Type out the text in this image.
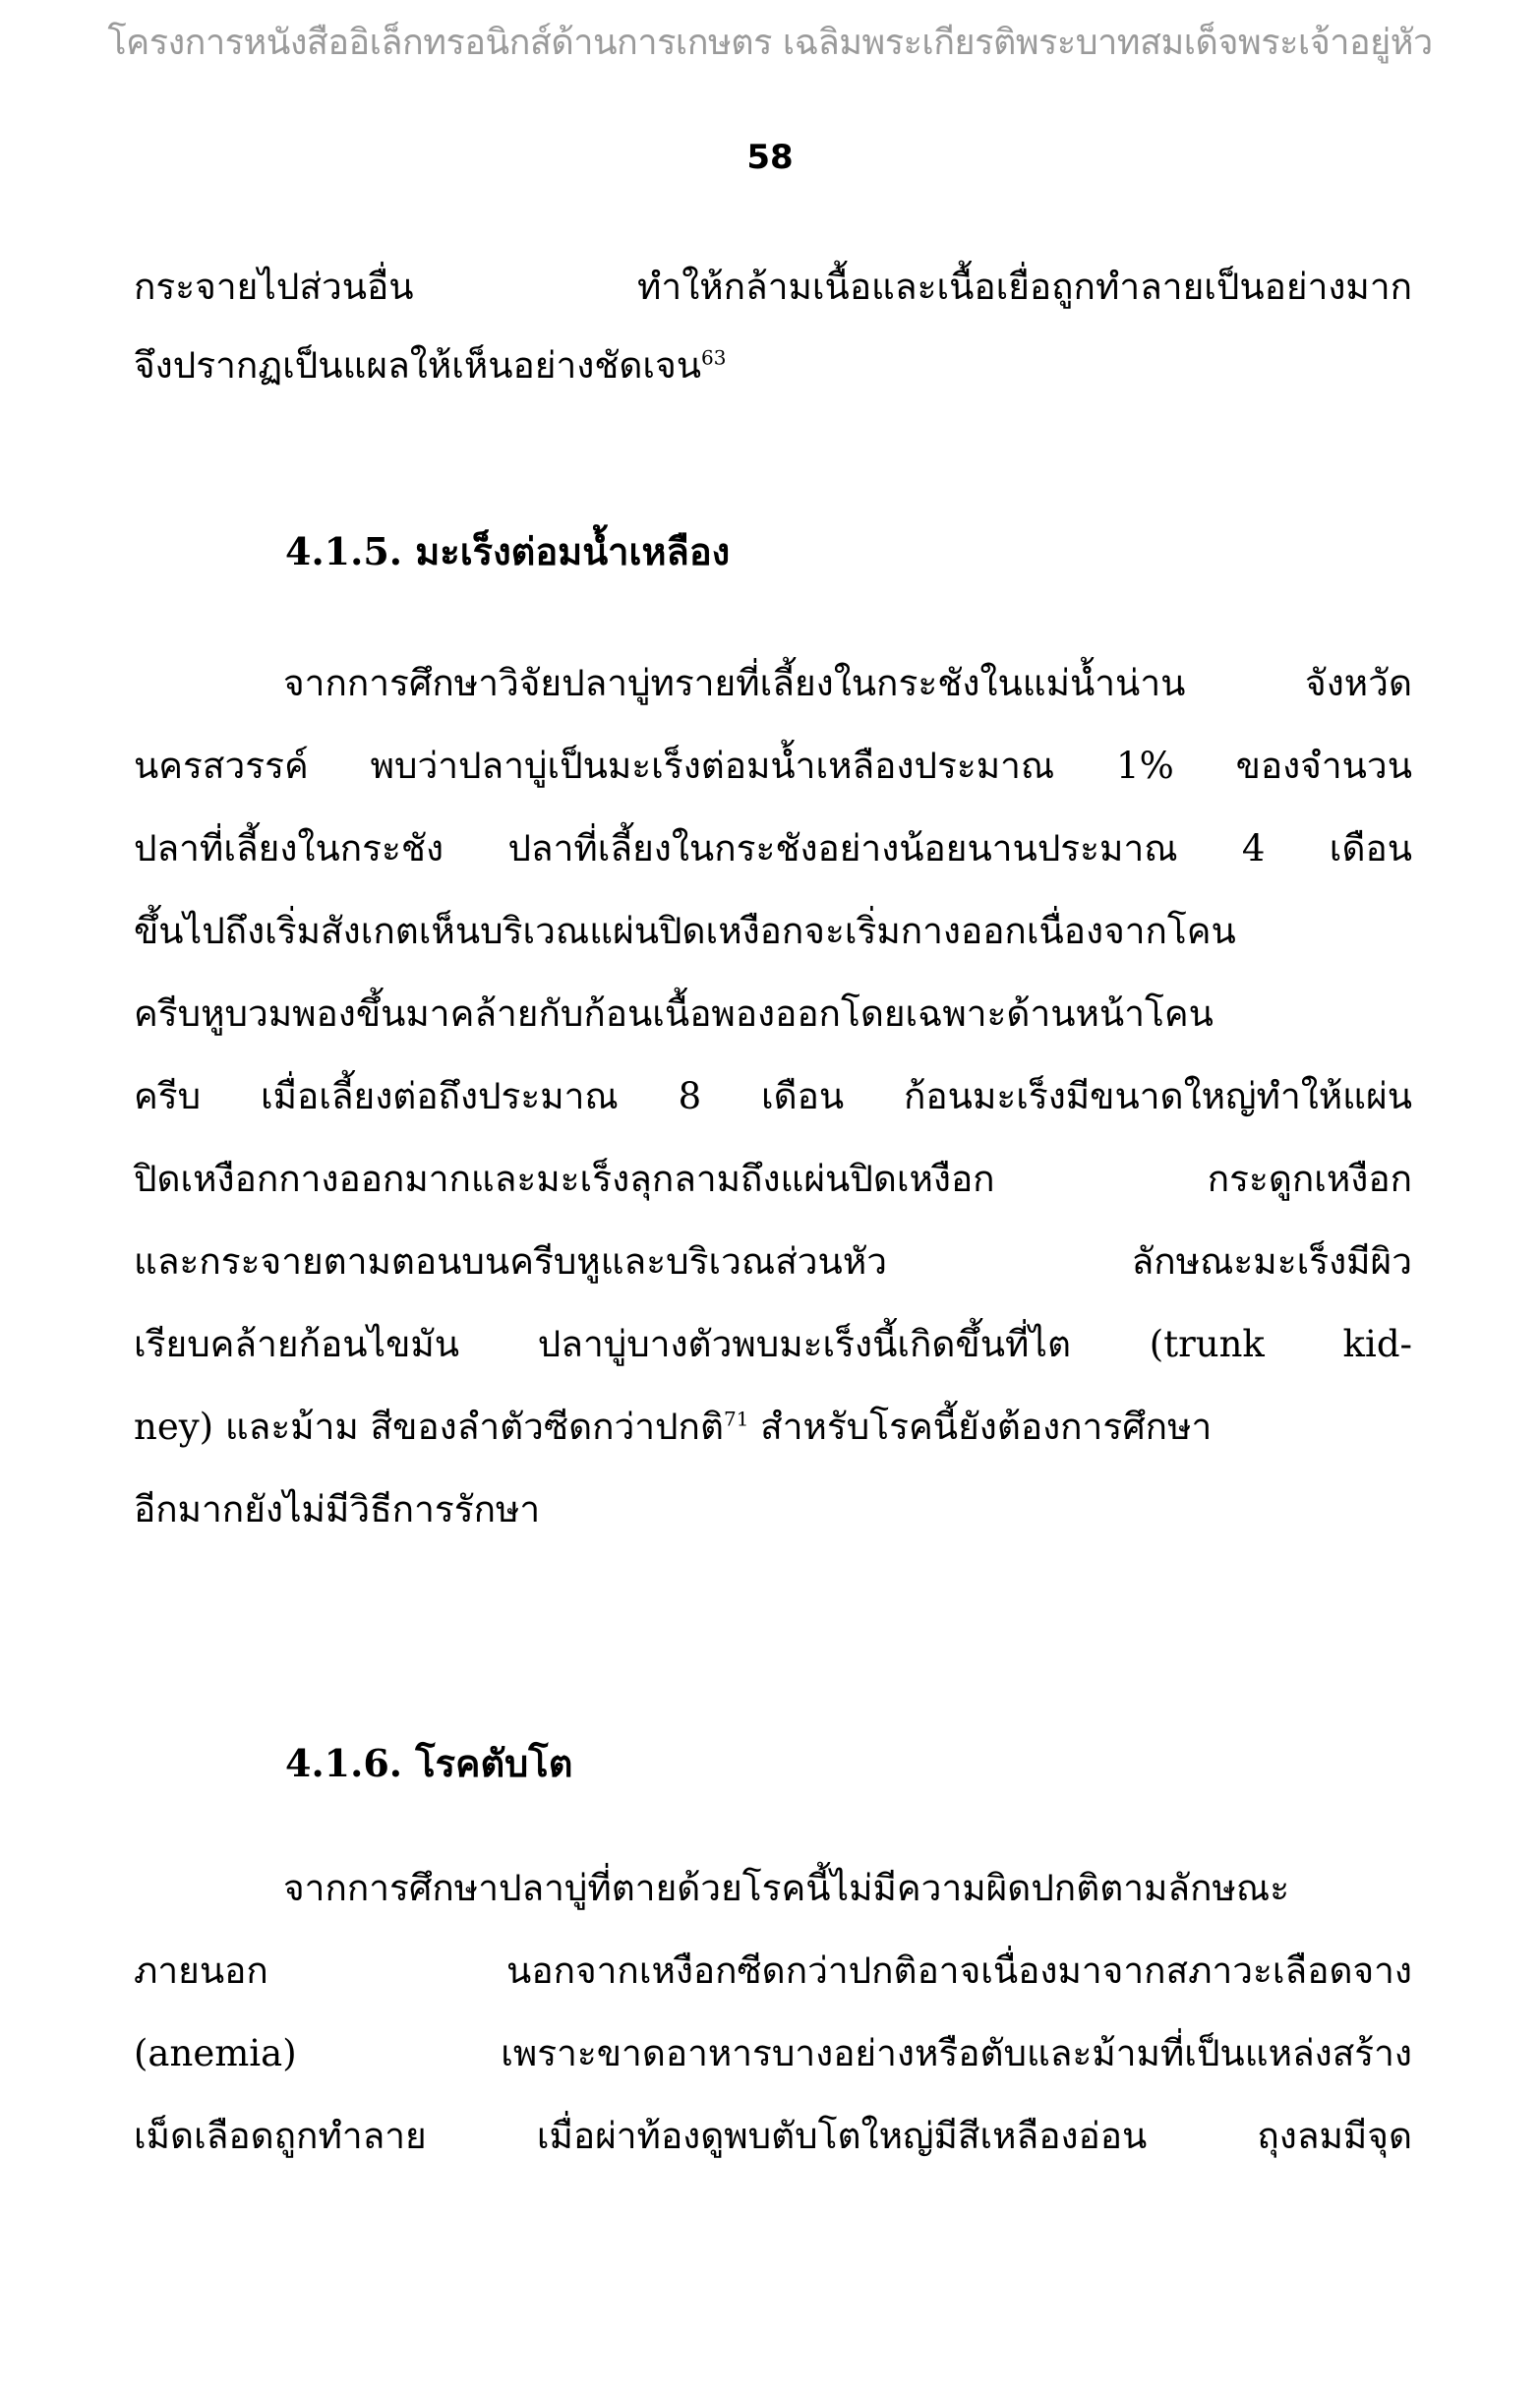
โครงการหนังสืออิเล็กทรอนิกส์ด้านการเกษตร เฉลิมพระเกียรติพระบาทสมเด็จพระเจ้าอยู่หัว
58
กระจายไปส่วนอื่น ทำให้กล้ามเนื้อและเนื้อเยื่อถูกทำลายเป็นอย่างมาก
จึงปรากฏเป็นแผลให้เห็นอย่างชัดเจน$^{63}$
4.1.5. มะเร็งต่อมน้ำเหลือง
จากการศึกษาวิจัยปลาบู่ทรายที่เลี้ยงในกระชังในแม่น้ำน่าน จังหวัด
นครสวรรค์ พบว่าปลาบู่เป็นมะเร็งต่อมน้ำเหลืองประมาณ 1% ของจำนวน
ปลาที่เลี้ยงในกระชัง ปลาที่เลี้ยงในกระชังอย่างน้อยนานประมาณ 4 เดือน
ขึ้นไปถึงเริ่มสังเกตเห็นบริเวณแผ่นปิดเหงือกจะเริ่มกางออกเนื่องจากโคน
ครีบหูบวมพองขึ้นมาคล้ายกับก้อนเนื้อพองออกโดยเฉพาะด้านหน้าโคน
ครีบ เมื่อเลี้ยงต่อถึงประมาณ 8 เดือน ก้อนมะเร็งมีขนาดใหญ่ทำให้แผ่น
ปิดเหงือกกางออกมากและมะเร็งลุกลามถึงแผ่นปิดเหงือก กระดูกเหงือก
และกระจายตามตอนบนครีบหูและบริเวณส่วนหัว ลักษณะมะเร็งมีผิว
เรียบคล้ายก้อนไขมัน ปลาบู่บางตัวพบมะเร็งนี้เกิดขึ้นที่ไต (trunk kid-
ney) และม้าม สีของลำตัวซีดกว่าปกติ$^{71}$ สำหรับโรคนี้ยังต้องการศึกษา
อีกมากยังไม่มีวิธีการรักษา
4.1.6. โรคตับโต
จากการศึกษาปลาบู่ที่ตายด้วยโรคนี้ไม่มีความผิดปกติตามลักษณะ
ภายนอก นอกจากเหงือกซีดกว่าปกติอาจเนื่องมาจากสภาวะเลือดจาง
(anemia) เพราะขาดอาหารบางอย่างหรือตับและม้ามที่เป็นแหล่งสร้าง
เม็ดเลือดถูกทำลาย เมื่อผ่าท้องดูพบตับโตใหญ่มีสีเหลืองอ่อน ถุงลมมีจุด
